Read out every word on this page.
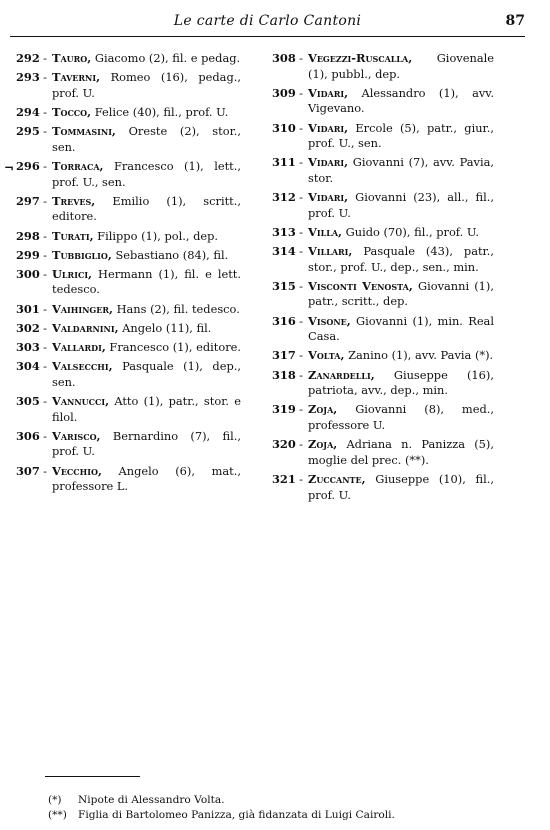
Le carte di Carlo Cantoni	87
¬
292 - Tauro, Giacomo (2), fil. e pedag.
293 - Taverni, Romeo (16), pedag., prof. U.
294 - Tocco, Felice (40), fil., prof. U.
295 - Tommasini, Oreste (2), stor., sen.
296 - Torraca, Francesco (1), lett., prof. U., sen.
297 - Treves, Emilio (1), scritt., editore.
298 - Turati, Filippo (1), pol., dep.
299 - Tubbiglio, Sebastiano (84), fil.
300 - Ulrici, Hermann (1), fil. e lett. tedesco.
301 - Vaihinger, Hans (2), fil. tedesco.
302 - Valdarnini, Angelo (11), fil.
303 - Vallardi, Francesco (1), editore.
304 - Valsecchi, Pasquale (1), dep., sen.
305 - Vannucci, Atto (1), patr., stor. e filol.
306 - Varisco, Bernardino (7), fil., prof. U.
307 - Vecchio, Angelo (6), mat., professore L.
308 - Vegezzi-Ruscalla, Giovenale (1), pubbl., dep.
309 - Vidari, Alessandro (1), avv. Vigevano.
310 - Vidari, Ercole (5), patr., giur., prof. U., sen.
311 - Vidari, Giovanni (7), avv. Pavia, stor.
312 - Vidari, Giovanni (23), all., fil., prof. U.
313 - Villa, Guido (70), fil., prof. U.
314 - Villari, Pasquale (43), patr., stor., prof. U., dep., sen., min.
315 - Visconti Venosta, Giovanni (1), patr., scritt., dep.
316 - Visone, Giovanni (1), min. Real Casa.
317 - Volta, Zanino (1), avv. Pavia (*).
318 - Zanardelli, Giuseppe (16), patriota, avv., dep., min.
319 - Zoja, Giovanni (8), med., professore U.
320 - Zoja, Adriana n. Panizza (5), moglie del prec. (**).
321 - Zuccante, Giuseppe (10), fil., prof. U.
(*) Nipote di Alessandro Volta.
(**) Figlia di Bartolomeo Panizza, già fidanzata di Luigi Cairoli.
